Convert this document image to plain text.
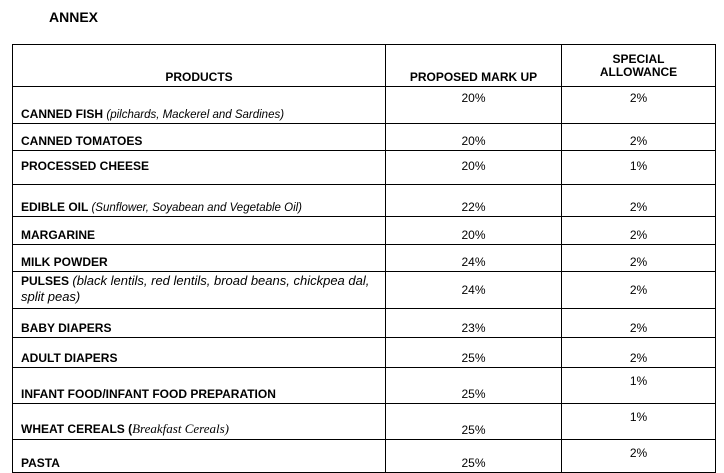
ANNEX
PRODUCTS	PROPOSED MARK UP	SPECIAL
ALLOWANCE
CANNED FISH (pilchards, Mackerel and Sardines)	20%	2%
CANNED TOMATOES	20%	2%
PROCESSED CHEESE	20%	1%
EDIBLE OIL (Sunflower, Soyabean and Vegetable Oil)	22%	2%
MARGARINE	20%	2%
MILK POWDER	24%	2%
PULSES (black lentils, red lentils, broad beans, chickpea dal, split peas)	24%	2%
BABY DIAPERS	23%	2%
ADULT DIAPERS	25%	2%
INFANT FOOD/INFANT FOOD PREPARATION	25%	1%
WHEAT CEREALS (Breakfast Cereals)	25%	1%
PASTA	25%	2%
